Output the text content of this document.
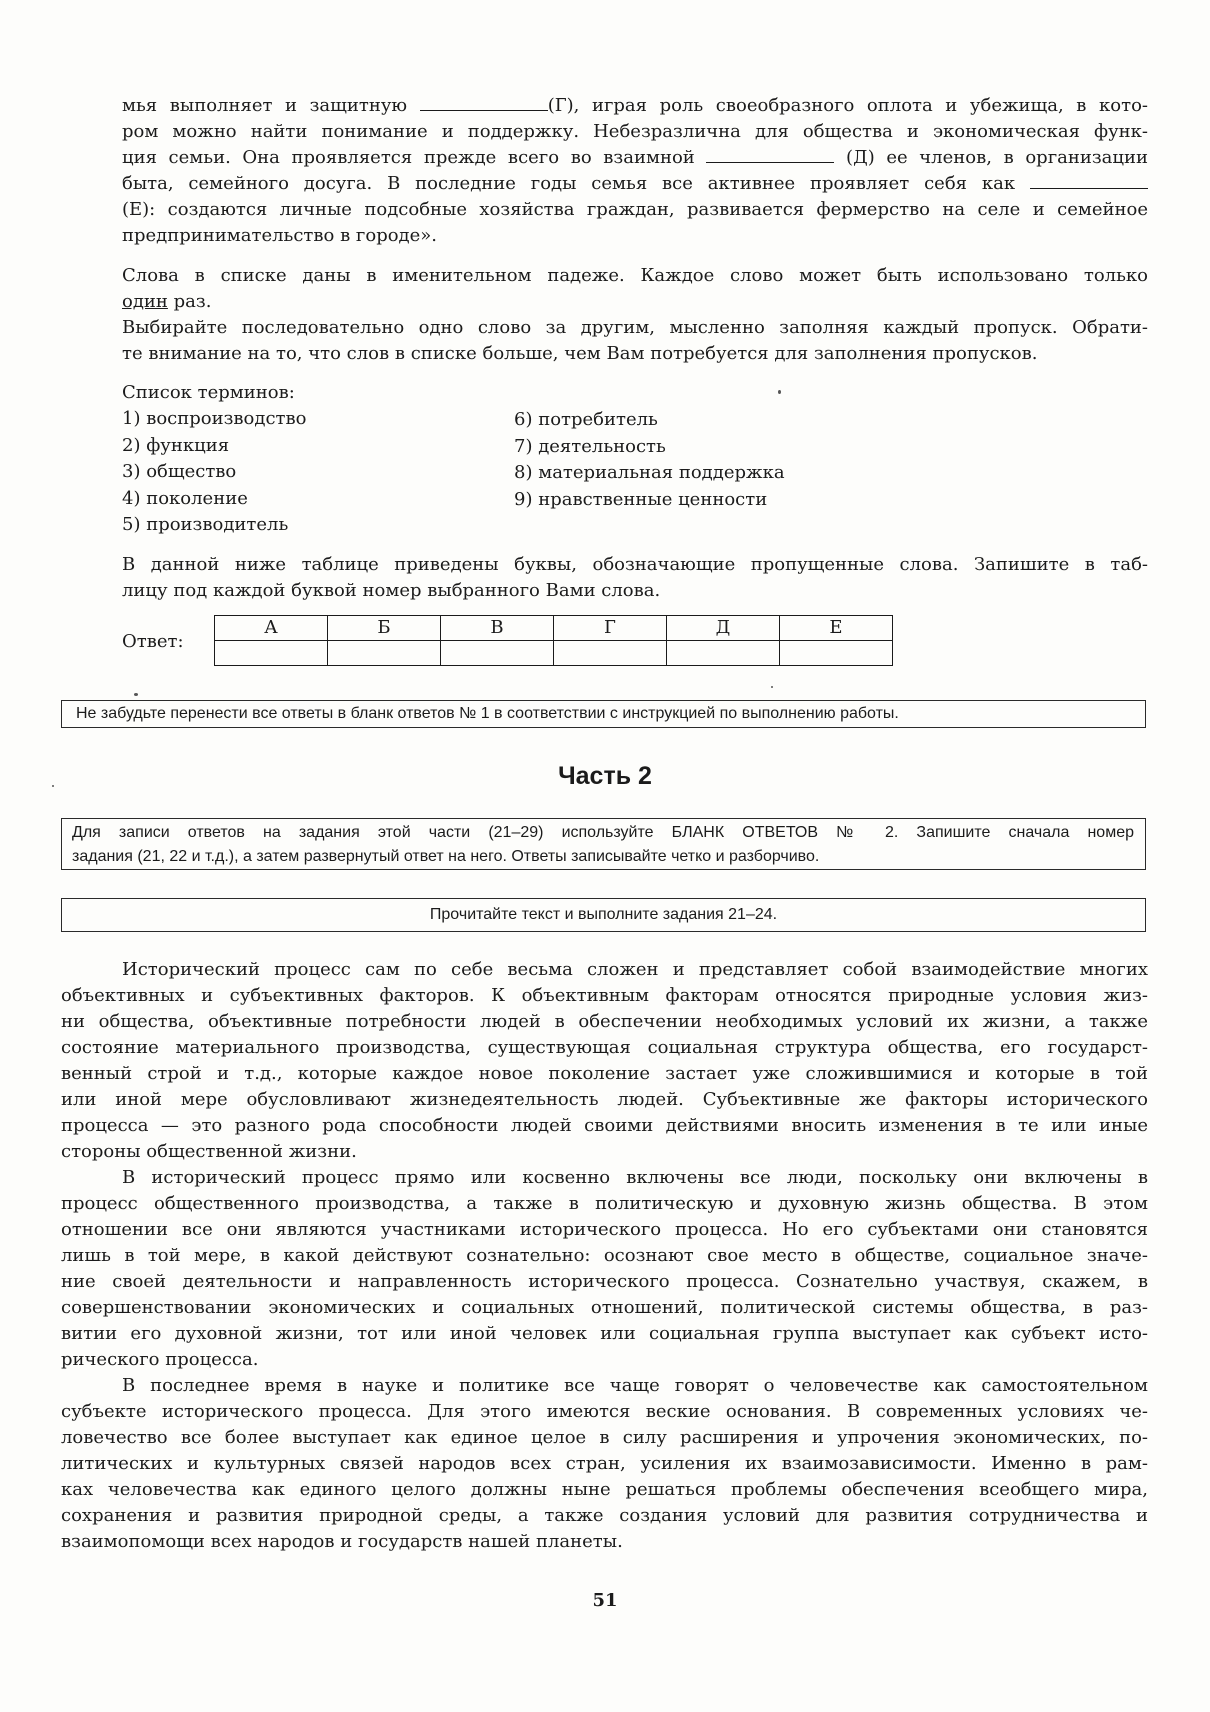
мья выполняет и защитную	(Г), играя роль своеобразного оплота и убежища, в кото-
ром можно найти понимание и поддержку. Небезразлична для общества и экономическая функ-
ция семьи. Она проявляется прежде всего во взаимной	(Д) ее членов, в организации
быта, семейного досуга. В последние годы семья все активнее проявляет себя как
(Е): создаются личные подсобные хозяйства граждан, развивается фермерство на селе и семейное
предпринимательство в городе».
Слова в списке даны в именительном падеже. Каждое слово может быть использовано только
один раз.
Выбирайте последовательно одно слово за другим, мысленно заполняя каждый пропуск. Обрати-
те внимание на то, что слов в списке больше, чем Вам потребуется для заполнения пропусков.
Список терминов:
1) воспроизводство
2) функция
3) общество
4) поколение
5) производитель
6) потребитель
7) деятельность
8) материальная поддержка
9) нравственные ценности
В данной ниже таблице приведены буквы, обозначающие пропущенные слова. Запишите в таб-
лицу под каждой буквой номер выбранного Вами слова.
Ответ:
А	Б	В	Г	Д	Е

Не забудьте перенести все ответы в бланк ответов № 1 в соответствии с инструкцией по выполнению работы.
Часть 2
Для записи ответов на задания этой части (21–29) используйте БЛАНК ОТВЕТОВ № 2. Запишите сначала номер
задания (21, 22 и т.д.), а затем развернутый ответ на него. Ответы записывайте четко и разборчиво.
Прочитайте текст и выполните задания 21–24.
Исторический процесс сам по себе весьма сложен и представляет собой взаимодействие многих
объективных и субъективных факторов. К объективным факторам относятся природные условия жиз-
ни общества, объективные потребности людей в обеспечении необходимых условий их жизни, а также
состояние материального производства, существующая социальная структура общества, его государст-
венный строй и т.д., которые каждое новое поколение застает уже сложившимися и которые в той
или иной мере обусловливают жизнедеятельность людей. Субъективные же факторы исторического
процесса — это разного рода способности людей своими действиями вносить изменения в те или иные
стороны общественной жизни.
В исторический процесс прямо или косвенно включены все люди, поскольку они включены в
процесс общественного производства, а также в политическую и духовную жизнь общества. В этом
отношении все они являются участниками исторического процесса. Но его субъектами они становятся
лишь в той мере, в какой действуют сознательно: осознают свое место в обществе, социальное значе-
ние своей деятельности и направленность исторического процесса. Сознательно участвуя, скажем, в
совершенствовании экономических и социальных отношений, политической системы общества, в раз-
витии его духовной жизни, тот или иной человек или социальная группа выступает как субъект исто-
рического процесса.
В последнее время в науке и политике все чаще говорят о человечестве как самостоятельном
субъекте исторического процесса. Для этого имеются веские основания. В современных условиях че-
ловечество все более выступает как единое целое в силу расширения и упрочения экономических, по-
литических и культурных связей народов всех стран, усиления их взаимозависимости. Именно в рам-
ках человечества как единого целого должны ныне решаться проблемы обеспечения всеобщего мира,
сохранения и развития природной среды, а также создания условий для развития сотрудничества и
взаимопомощи всех народов и государств нашей планеты.
51
